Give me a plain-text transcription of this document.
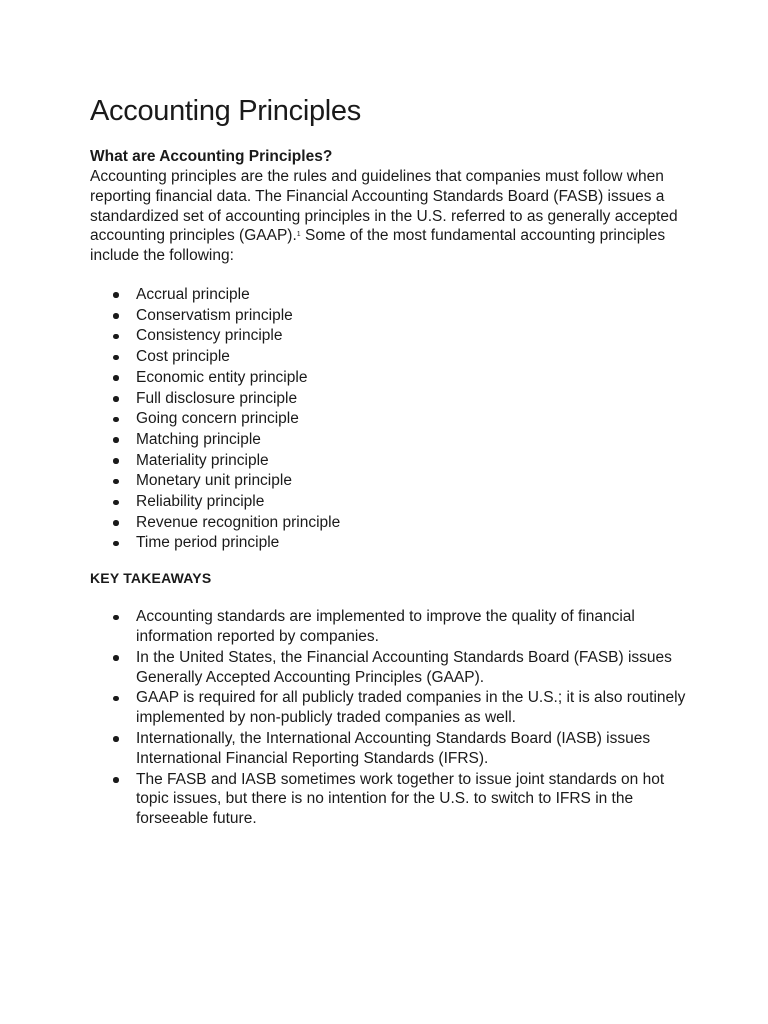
Accounting Principles

What are Accounting Principles?

Accounting principles are the rules and guidelines that companies must follow when reporting financial data. The Financial Accounting Standards Board (FASB) issues a standardized set of accounting principles in the U.S. referred to as generally accepted accounting principles (GAAP).$^1$ Some of the most fundamental accounting principles include the following:

Accrual principle
Conservatism principle
Consistency principle
Cost principle
Economic entity principle
Full disclosure principle
Going concern principle
Matching principle
Materiality principle
Monetary unit principle
Reliability principle
Revenue recognition principle
Time period principle

KEY TAKEAWAYS

Accounting standards are implemented to improve the quality of financial information reported by companies.
In the United States, the Financial Accounting Standards Board (FASB) issues Generally Accepted Accounting Principles (GAAP).
GAAP is required for all publicly traded companies in the U.S.; it is also routinely implemented by non-publicly traded companies as well.
Internationally, the International Accounting Standards Board (IASB) issues International Financial Reporting Standards (IFRS).
The FASB and IASB sometimes work together to issue joint standards on hot topic issues, but there is no intention for the U.S. to switch to IFRS in the forseeable future.
